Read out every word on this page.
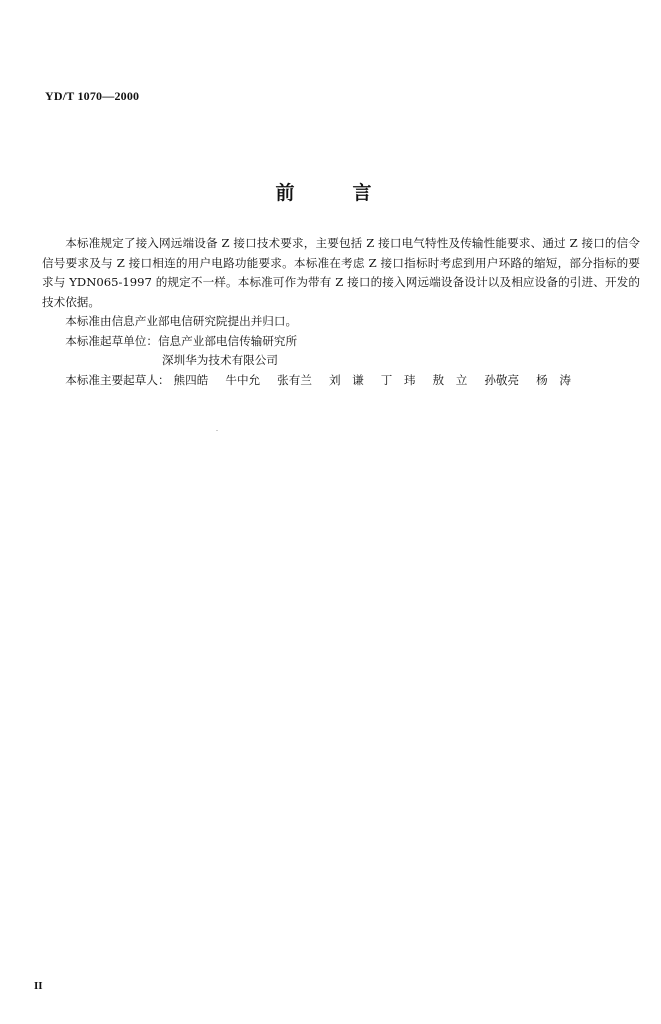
YD/T 1070—2000
前言

本标准规定了接入网远端设备 Z 接口技术要求，主要包括 Z 接口电气特性及传输性能要求、通过 Z 接口的信令信号要求及与 Z 接口相连的用户电路功能要求。本标准在考虑 Z 接口指标时考虑到用户环路的缩短，部分指标的要求与 YDN065-1997 的规定不一样。本标准可作为带有 Z 接口的接入网远端设备设计以及相应设备的引进、开发的技术依据。

本标准由信息产业部电信研究院提出并归口。

本标准起草单位：信息产业部电信传输研究所

深圳华为技术有限公司

本标准主要起草人： 熊四皓 牛中允 张有兰 刘　谦 丁　玮 敖　立 孙敬亮 杨　涛

II
